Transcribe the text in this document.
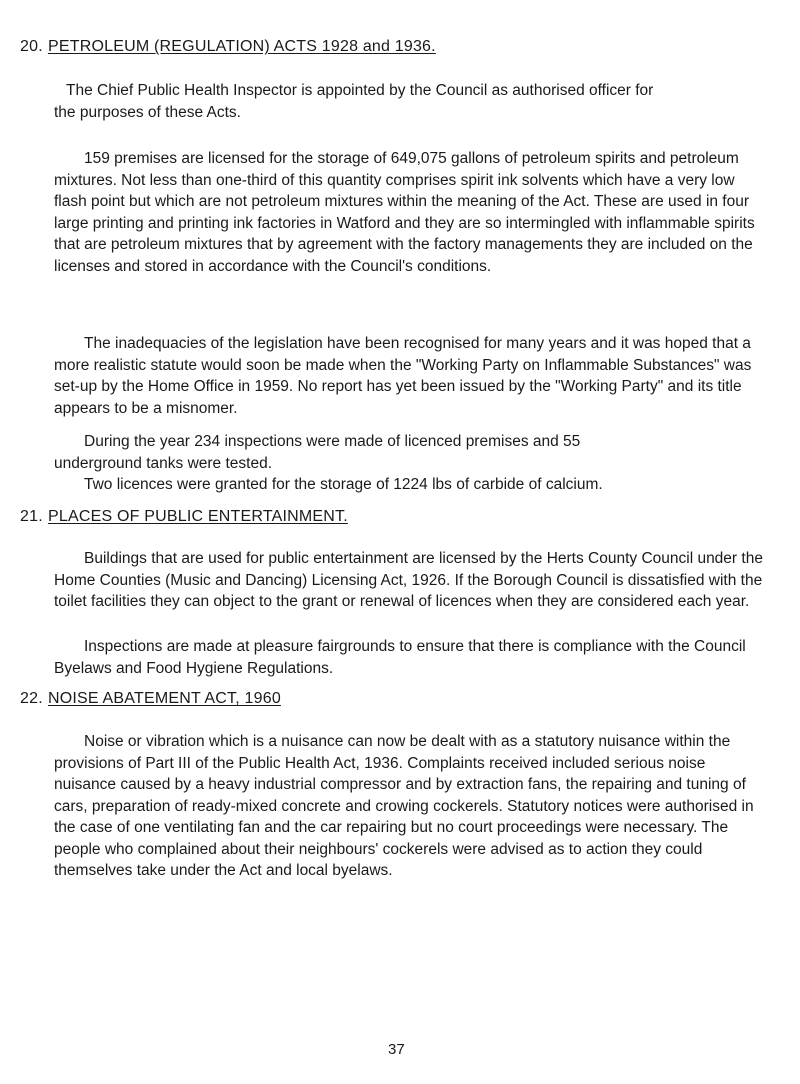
20. PETROLEUM (REGULATION) ACTS 1928 and 1936.

The Chief Public Health Inspector is appointed by the Council as authorised officer for the purposes of these Acts.

159 premises are licensed for the storage of 649,075 gallons of petroleum spirits and petroleum mixtures. Not less than one-third of this quantity comprises spirit ink solvents which have a very low flash point but which are not petroleum mixtures within the meaning of the Act. These are used in four large printing and printing ink factories in Watford and they are so intermingled with inflammable spirits that are petroleum mixtures that by agreement with the factory managements they are included on the licenses and stored in accordance with the Council's conditions.

The inadequacies of the legislation have been recognised for many years and it was hoped that a more realistic statute would soon be made when the "Working Party on Inflammable Substances" was set-up by the Home Office in 1959. No report has yet been issued by the "Working Party" and its title appears to be a misnomer.

During the year 234 inspections were made of licenced premises and 55 underground tanks were tested.

Two licences were granted for the storage of 1224 lbs of carbide of calcium.

21. PLACES OF PUBLIC ENTERTAINMENT.

Buildings that are used for public entertainment are licensed by the Herts County Council under the Home Counties (Music and Dancing) Licensing Act, 1926. If the Borough Council is dissatisfied with the toilet facilities they can object to the grant or renewal of licences when they are considered each year.

Inspections are made at pleasure fairgrounds to ensure that there is compliance with the Council Byelaws and Food Hygiene Regulations.

22. NOISE ABATEMENT ACT, 1960

Noise or vibration which is a nuisance can now be dealt with as a statutory nuisance within the provisions of Part III of the Public Health Act, 1936. Complaints received included serious noise nuisance caused by a heavy industrial compressor and by extraction fans, the repairing and tuning of cars, preparation of ready-mixed concrete and crowing cockerels. Statutory notices were authorised in the case of one ventilating fan and the car repairing but no court proceedings were necessary. The people who complained about their neighbours' cockerels were advised as to action they could themselves take under the Act and local byelaws.

37
